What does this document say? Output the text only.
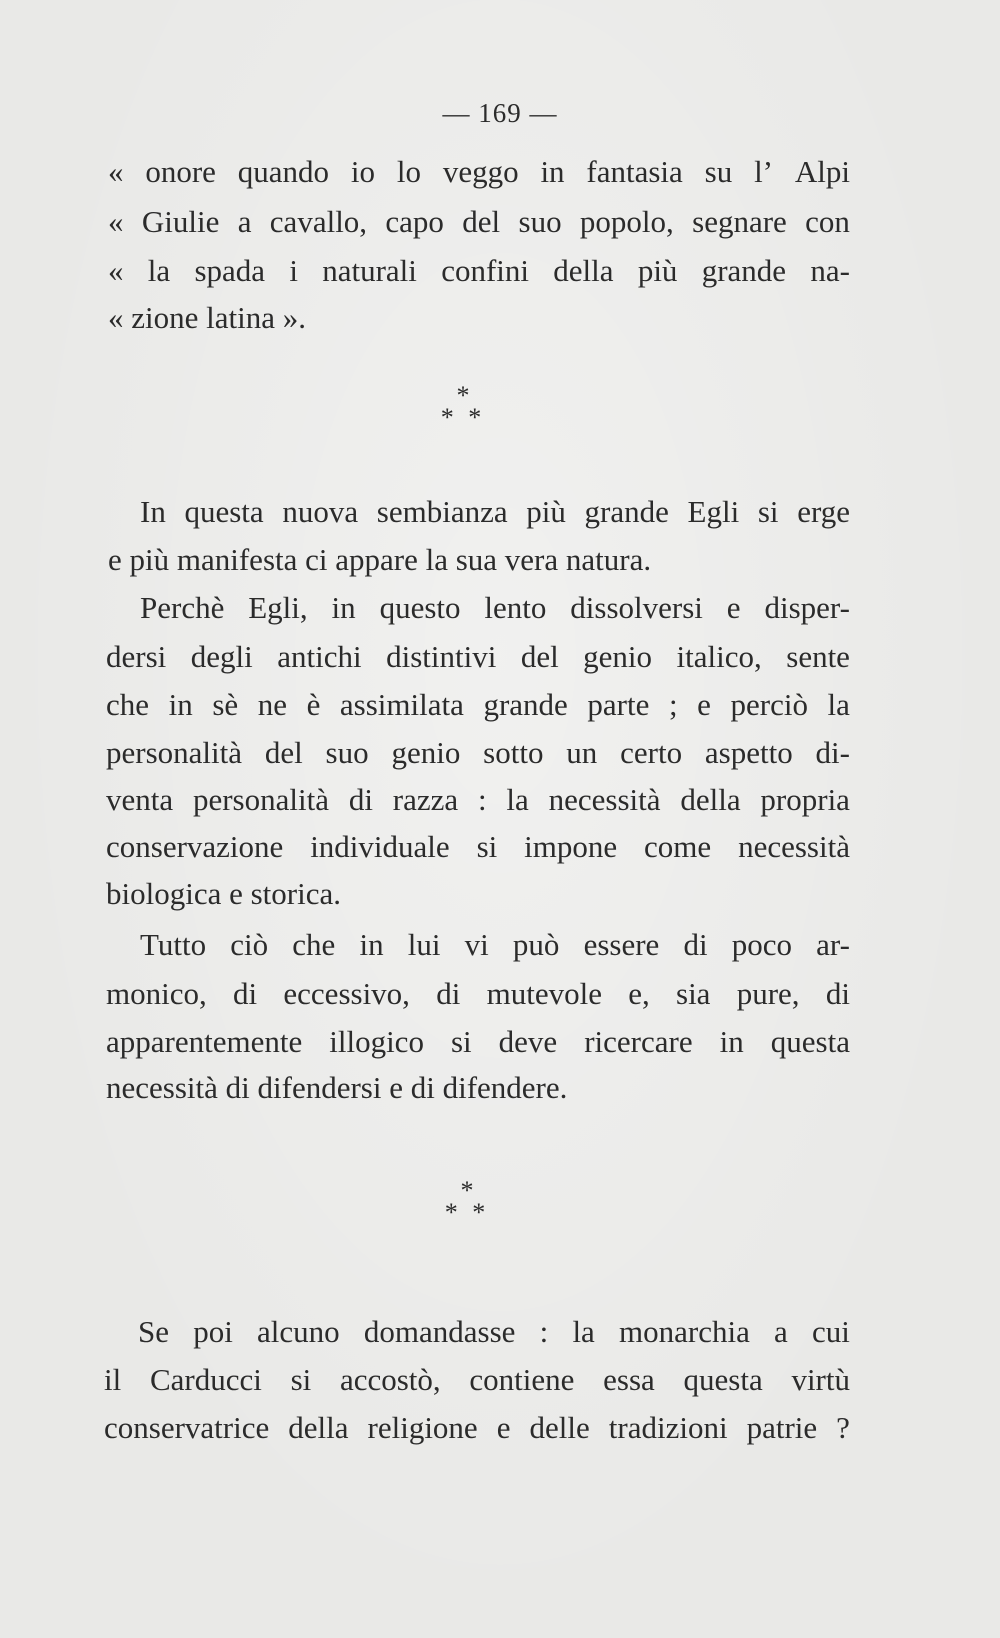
— 169 —
« onore quando io lo veggo in fantasia su l’ Alpi
« Giulie a cavallo, capo del suo popolo, segnare con
« la spada i naturali confini della più grande na-
« zione latina ».
*
* *
In questa nuova sembianza più grande Egli si erge
e più manifesta ci appare la sua vera natura.
Perchè Egli, in questo lento dissolversi e disper-
dersi degli antichi distintivi del genio italico, sente
che in sè ne è assimilata grande parte ; e perciò la
personalità del suo genio sotto un certo aspetto di-
venta personalità di razza : la necessità della propria
conservazione individuale si impone come necessità
biologica e storica.
Tutto ciò che in lui vi può essere di poco ar-
monico, di eccessivo, di mutevole e, sia pure, di
apparentemente illogico si deve ricercare in questa
necessità di difendersi e di difendere.
*
* *
Se poi alcuno domandasse : la monarchia a cui
il Carducci si accostò, contiene essa questa virtù
conservatrice della religione e delle tradizioni patrie ?
